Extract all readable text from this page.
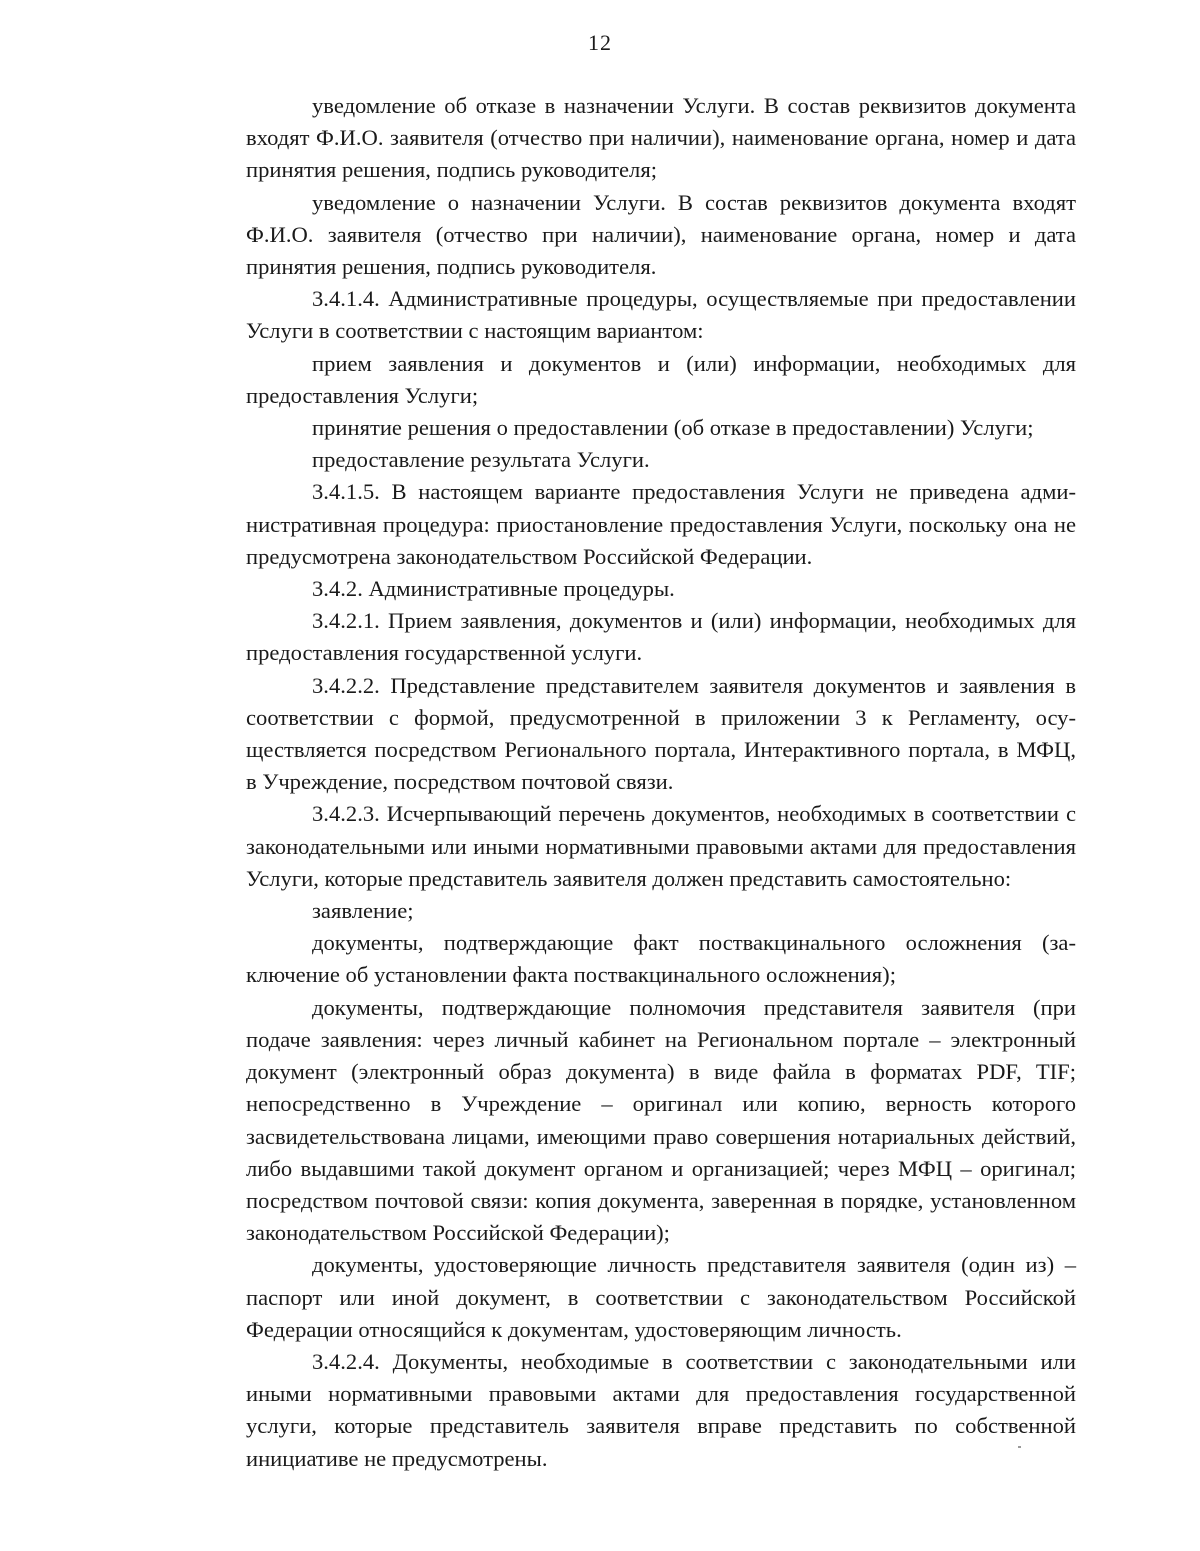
12

уведомление об отказе в назначении Услуги. В состав реквизитов документа входят Ф.И.О. заявителя (отчество при наличии), наименование органа, номер и дата принятия решения, подпись руководителя;

уведомление о назначении Услуги. В состав реквизитов документа входят Ф.И.О. заявителя (отчество при наличии), наименование органа, номер и дата принятия решения, подпись руководителя.

3.4.1.4. Административные процедуры, осуществляемые при предоставлении Услуги в соответствии с настоящим вариантом:

прием заявления и документов и (или) информации, необходимых для предоставления Услуги;

принятие решения о предоставлении (об отказе в предоставлении) Услуги;

предоставление результата Услуги.

3.4.1.5. В настоящем варианте предоставления Услуги не приведена административная процедура: приостановление предоставления Услуги, поскольку она не предусмотрена законодательством Российской Федерации.

3.4.2. Административные процедуры.

3.4.2.1. Прием заявления, документов и (или) информации, необходимых для предоставления государственной услуги.

3.4.2.2. Представление представителем заявителя документов и заявления в соответствии с формой, предусмотренной в приложении 3 к Регламенту, осуществляется посредством Регионального портала, Интерактивного портала, в МФЦ, в Учреждение, посредством почтовой связи.

3.4.2.3. Исчерпывающий перечень документов, необходимых в соответствии с законодательными или иными нормативными правовыми актами для предоставления Услуги, которые представитель заявителя должен представить самостоятельно:

заявление;

документы, подтверждающие факт поствакцинального осложнения (заключение об установлении факта поствакцинального осложнения);

документы, подтверждающие полномочия представителя заявителя (при подаче заявления: через личный кабинет на Региональном портале – электронный документ (электронный образ документа) в виде файла в форматах PDF, TIF; непосредственно в Учреждение – оригинал или копию, верность которого засвидетельствована лицами, имеющими право совершения нотариальных действий, либо выдавшими такой документ органом и организацией; через МФЦ – оригинал; посредством почтовой связи: копия документа, заверенная в порядке, установленном законодательством Российской Федерации);

документы, удостоверяющие личность представителя заявителя (один из) – паспорт или иной документ, в соответствии с законодательством Российской Федерации относящийся к документам, удостоверяющим личность.

3.4.2.4. Документы, необходимые в соответствии с законодательными или иными нормативными правовыми актами для предоставления государственной услуги, которые представитель заявителя вправе представить по собственной инициативе не предусмотрены.
